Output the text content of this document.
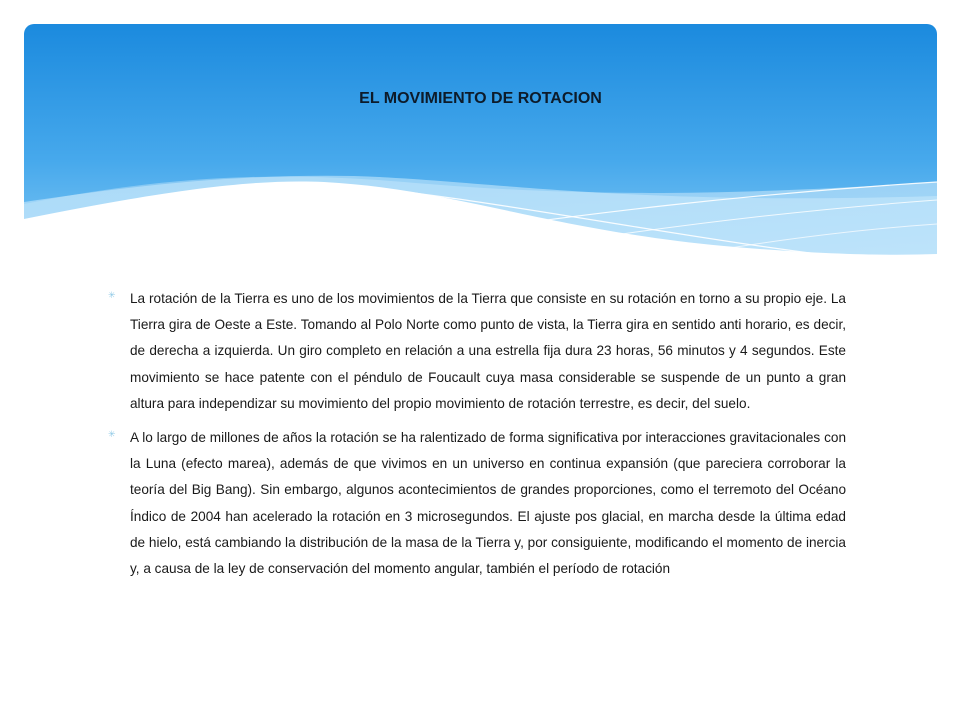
EL MOVIMIENTO DE ROTACION
✳ La rotación de la Tierra es uno de los movimientos de la Tierra que consiste en su rotación en torno a su propio eje. La Tierra gira de Oeste a Este. Tomando al Polo Norte como punto de vista, la Tierra gira en sentido anti horario, es decir, de derecha a izquierda. Un giro completo en relación a una estrella fija dura 23 horas, 56 minutos y 4 segundos. Este movimiento se hace patente con el péndulo de Foucault cuya masa considerable se suspende de un punto a gran altura para independizar su movimiento del propio movimiento de rotación terrestre, es decir, del suelo.
✳ A lo largo de millones de años la rotación se ha ralentizado de forma significativa por interacciones gravitacionales con la Luna (efecto marea), además de que vivimos en un universo en continua expansión (que pareciera corroborar la teoría del Big Bang). Sin embargo, algunos acontecimientos de grandes proporciones, como el terremoto del Océano Índico de 2004 han acelerado la rotación en 3 microsegundos. El ajuste pos glacial, en marcha desde la última edad de hielo, está cambiando la distribución de la masa de la Tierra y, por consiguiente, modificando el momento de inercia y, a causa de la ley de conservación del momento angular, también el período de rotación
